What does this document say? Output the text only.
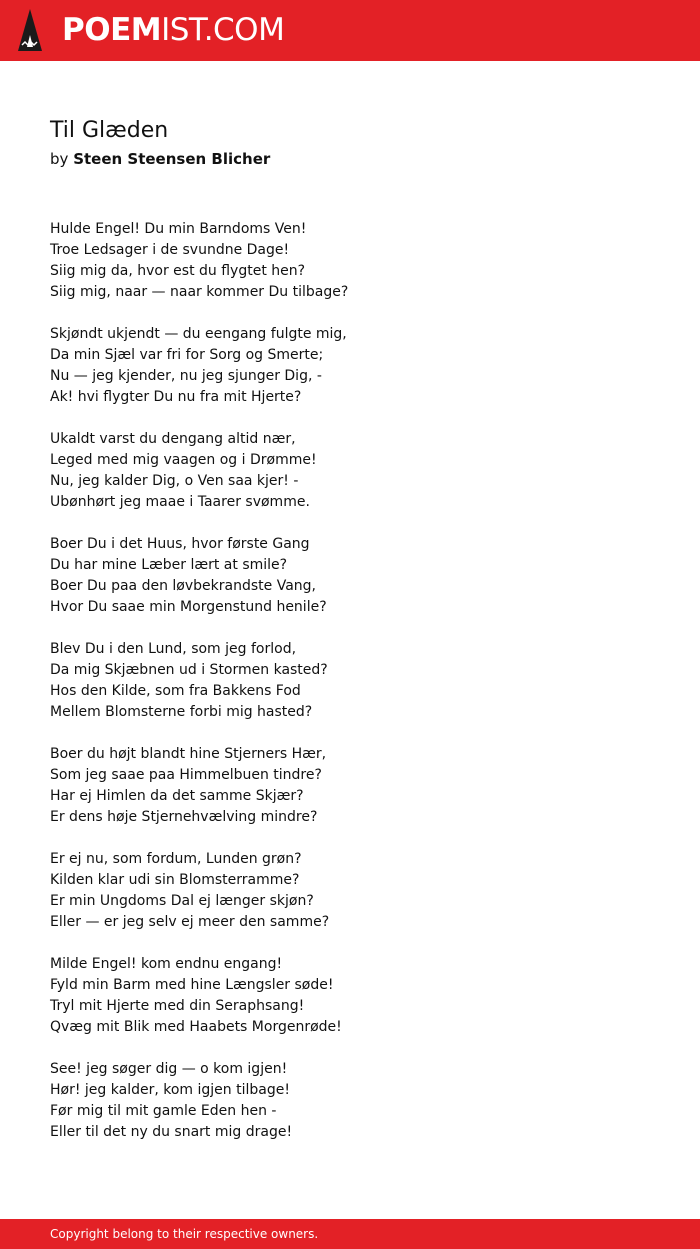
POEMIST.COM
Til Glæden
by Steen Steensen Blicher
Hulde Engel! Du min Barndoms Ven!
Troe Ledsager i de svundne Dage!
Siig mig da, hvor est du flygtet hen?
Siig mig, naar — naar kommer Du tilbage?
Skjøndt ukjendt — du eengang fulgte mig,
Da min Sjæl var fri for Sorg og Smerte;
Nu — jeg kjender, nu jeg sjunger Dig, -
Ak! hvi flygter Du nu fra mit Hjerte?
Ukaldt varst du dengang altid nær,
Leged med mig vaagen og i Drømme!
Nu, jeg kalder Dig, o Ven saa kjer! -
Ubønhørt jeg maae i Taarer svømme.
Boer Du i det Huus, hvor første Gang
Du har mine Læber lært at smile?
Boer Du paa den løvbekrandste Vang,
Hvor Du saae min Morgenstund henile?
Blev Du i den Lund, som jeg forlod,
Da mig Skjæbnen ud i Stormen kasted?
Hos den Kilde, som fra Bakkens Fod
Mellem Blomsterne forbi mig hasted?
Boer du højt blandt hine Stjerners Hær,
Som jeg saae paa Himmelbuen tindre?
Har ej Himlen da det samme Skjær?
Er dens høje Stjernehvælving mindre?
Er ej nu, som fordum, Lunden grøn?
Kilden klar udi sin Blomsterramme?
Er min Ungdoms Dal ej længer skjøn?
Eller — er jeg selv ej meer den samme?
Milde Engel! kom endnu engang!
Fyld min Barm med hine Længsler søde!
Tryl mit Hjerte med din Seraphsang!
Qvæg mit Blik med Haabets Morgenrøde!
See! jeg søger dig — o kom igjen!
Hør! jeg kalder, kom igjen tilbage!
Før mig til mit gamle Eden hen -
Eller til det ny du snart mig drage!
Copyright belong to their respective owners.
